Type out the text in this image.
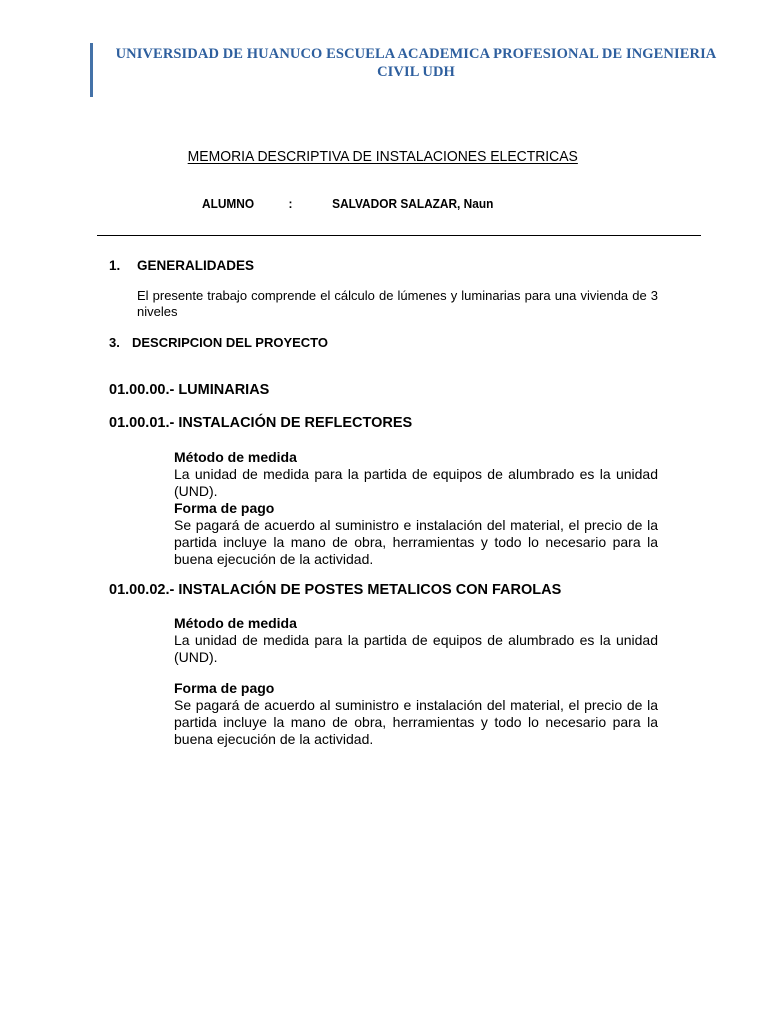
UNIVERSIDAD DE HUANUCO ESCUELA ACADEMICA PROFESIONAL DE INGENIERIA CIVIL UDH
MEMORIA DESCRIPTIVA DE INSTALACIONES ELECTRICAS
ALUMNO	:	SALVADOR SALAZAR, Naun
1. GENERALIDADES
El presente trabajo comprende el cálculo de lúmenes y luminarias para una vivienda de 3 niveles
3. DESCRIPCION DEL PROYECTO
01.00.00.- LUMINARIAS
01.00.01.- INSTALACIÓN DE REFLECTORES
Método de medida
La unidad de medida para la partida de equipos de alumbrado es la unidad (UND).
Forma de pago
Se pagará de acuerdo al suministro e instalación del material, el precio de la partida incluye la mano de obra, herramientas y todo lo necesario para la buena ejecución de la actividad.
01.00.02.- INSTALACIÓN DE POSTES METALICOS CON FAROLAS
Método de medida
La unidad de medida para la partida de equipos de alumbrado es la unidad (UND).
Forma de pago
Se pagará de acuerdo al suministro e instalación del material, el precio de la partida incluye la mano de obra, herramientas y todo lo necesario para la buena ejecución de la actividad.
